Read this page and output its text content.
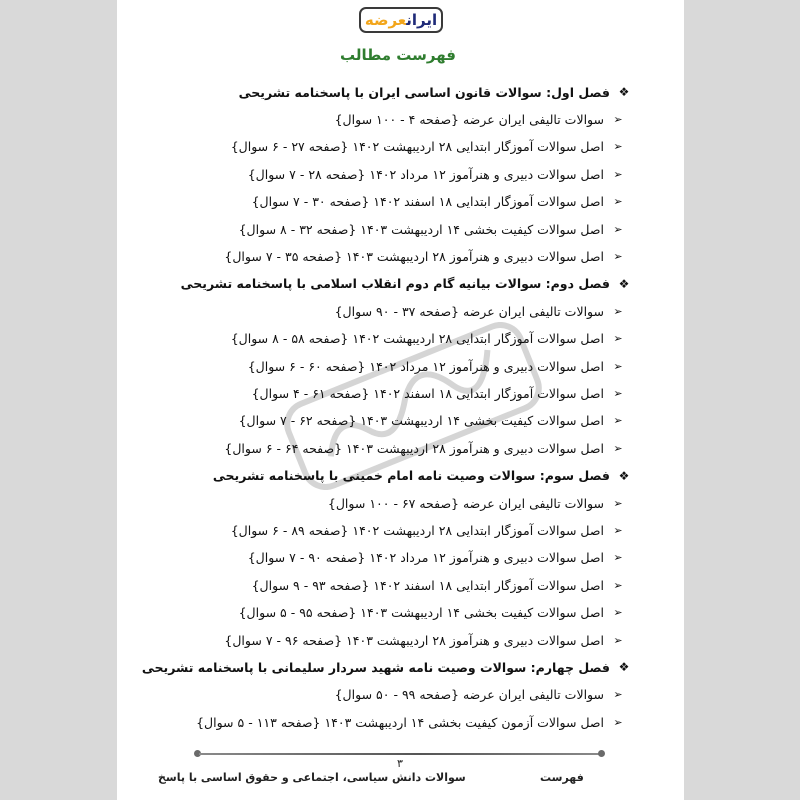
ایرانعرضه
فهرست مطالب
❖
فصل اول: سوالات قانون اساسی ایران با پاسخنامه تشریحی
➢
سوالات تالیفی ایران عرضه {صفحه ۴ - ۱۰۰ سوال}
➢
اصل سوالات آموزگار ابتدایی ۲۸ اردیبهشت ۱۴۰۲ {صفحه ۲۷ - ۶ سوال}
➢
اصل سوالات دبیری و هنرآموز ۱۲ مرداد ۱۴۰۲ {صفحه ۲۸ - ۷ سوال}
➢
اصل سوالات آموزگار ابتدایی ۱۸ اسفند ۱۴۰۲ {صفحه ۳۰ - ۷ سوال}
➢
اصل سوالات کیفیت بخشی ۱۴ اردیبهشت ۱۴۰۳ {صفحه ۳۲ - ۸ سوال}
➢
اصل سوالات دبیری و هنرآموز ۲۸ اردیبهشت ۱۴۰۳ {صفحه ۳۵ - ۷ سوال}
❖
فصل دوم: سوالات بیانیه گام دوم انقلاب اسلامی با پاسخنامه تشریحی
➢
سوالات تالیفی ایران عرضه {صفحه ۳۷ - ۹۰ سوال}
➢
اصل سوالات آموزگار ابتدایی ۲۸ اردیبهشت ۱۴۰۲ {صفحه ۵۸ - ۸ سوال}
➢
اصل سوالات دبیری و هنرآموز ۱۲ مرداد ۱۴۰۲ {صفحه ۶۰ - ۶ سوال}
➢
اصل سوالات آموزگار ابتدایی ۱۸ اسفند ۱۴۰۲ {صفحه ۶۱ - ۴ سوال}
➢
اصل سوالات کیفیت بخشی ۱۴ اردیبهشت ۱۴۰۳ {صفحه ۶۲ - ۷ سوال}
➢
اصل سوالات دبیری و هنرآموز ۲۸ اردیبهشت ۱۴۰۳ {صفحه ۶۴ - ۶ سوال}
❖
فصل سوم: سوالات وصیت نامه امام خمینی با پاسخنامه تشریحی
➢
سوالات تالیفی ایران عرضه {صفحه ۶۷ - ۱۰۰ سوال}
➢
اصل سوالات آموزگار ابتدایی ۲۸ اردیبهشت ۱۴۰۲ {صفحه ۸۹ - ۶ سوال}
➢
اصل سوالات دبیری و هنرآموز ۱۲ مرداد ۱۴۰۲ {صفحه ۹۰ - ۷ سوال}
➢
اصل سوالات آموزگار ابتدایی ۱۸ اسفند ۱۴۰۲ {صفحه ۹۳ - ۹ سوال}
➢
اصل سوالات کیفیت بخشی ۱۴ اردیبهشت ۱۴۰۳ {صفحه ۹۵ - ۵ سوال}
➢
اصل سوالات دبیری و هنرآموز ۲۸ اردیبهشت ۱۴۰۳ {صفحه ۹۶ - ۷ سوال}
❖
فصل چهارم: سوالات وصیت نامه شهید سردار سلیمانی با پاسخنامه تشریحی
➢
سوالات تالیفی ایران عرضه {صفحه ۹۹ - ۵۰ سوال}
➢
اصل سوالات آزمون کیفیت بخشی ۱۴ اردیبهشت ۱۴۰۳ {صفحه ۱۱۳ - ۵ سوال}
۳
سوالات دانش سیاسی، اجتماعی و حقوق اساسی با پاسخ	فهرست
